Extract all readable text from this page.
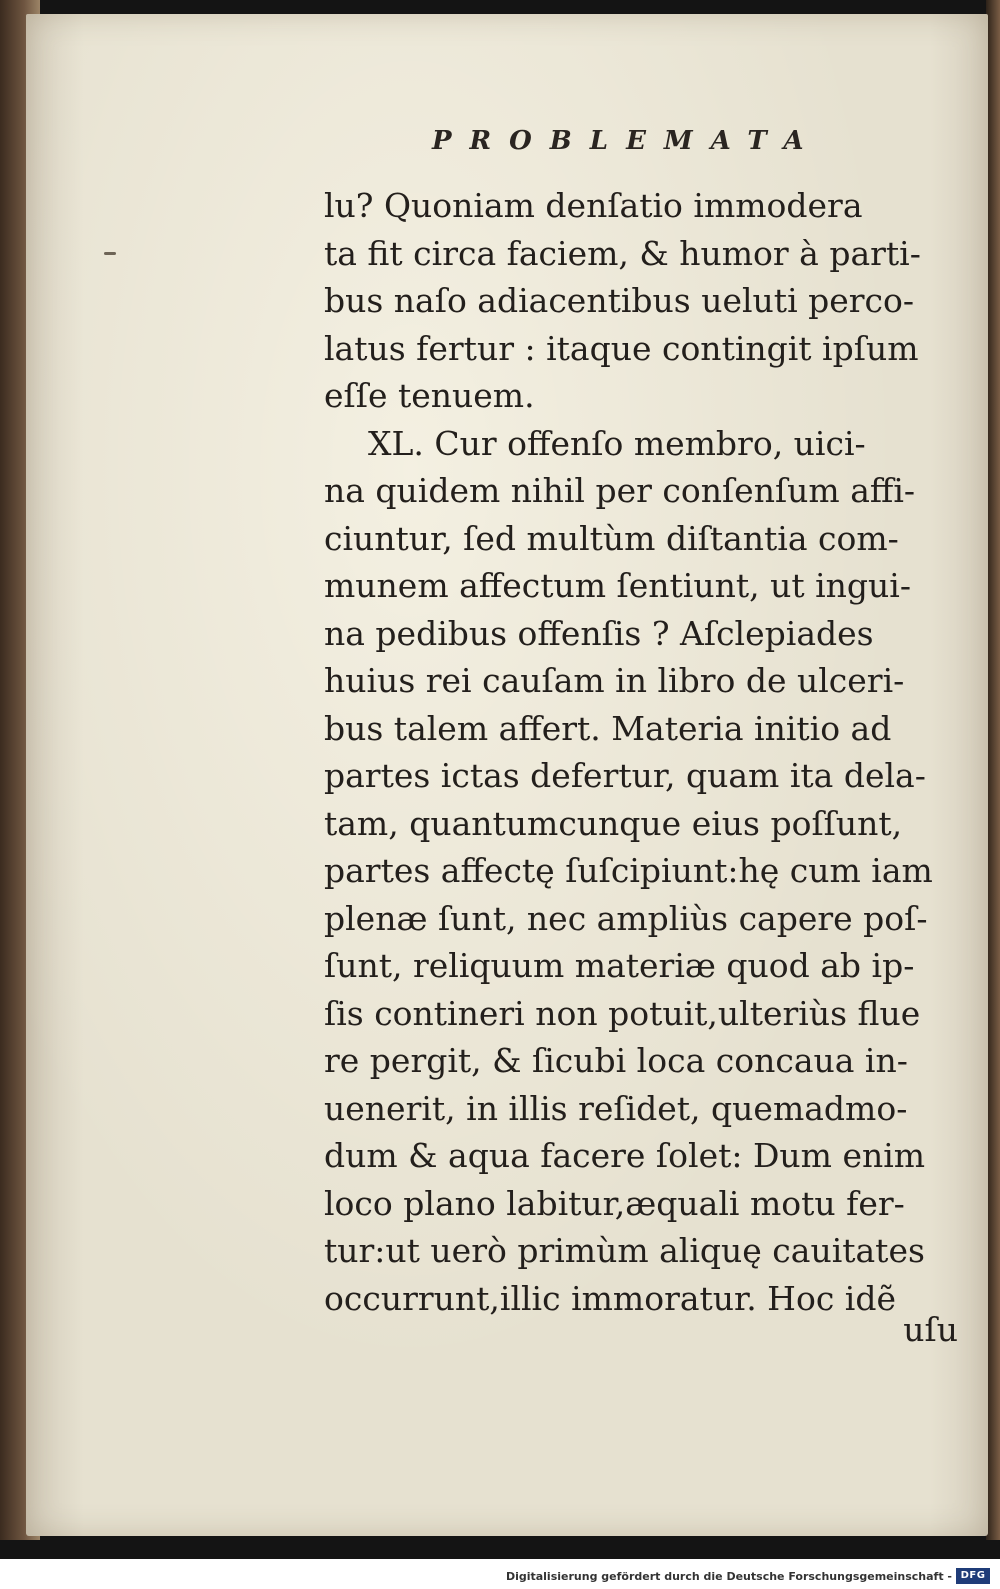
PROBLEMATA
lu? Quoniam denſatio immodera
ta fit circa faciem, & humor à parti-
bus naſo adiacentibus ueluti perco-
latus fertur : itaque contingit ipſum
eſſe tenuem.
XL. Cur offenſo membro, uici-
na quidem nihil per conſenſum affi-
ciuntur, ſed multùm diſtantia com-
munem affectum ſentiunt, ut ingui-
na pedibus offenſis ? Aſclepiades
huius rei cauſam in libro de ulceri-
bus talem affert. Materia initio ad
partes ictas defertur, quam ita dela-
tam, quantumcunque eius poſſunt,
partes affectę ſuſcipiunt:hę cum iam
plenæ ſunt, nec ampliùs capere poſ-
ſunt, reliquum materiæ quod ab ip-
ſis contineri non potuit,ulteriùs flue
re pergit, & ſicubi loca concaua in-
uenerit, in illis reſidet, quemadmo-
dum & aqua facere ſolet: Dum enim
loco plano labitur,æquali motu fer-
tur:ut uerò primùm aliquę cauitates
occurrunt,illic immoratur. Hoc idẽ
uſu
Digitalisierung gefördert durch die Deutsche Forschungsgemeinschaft - DFG
